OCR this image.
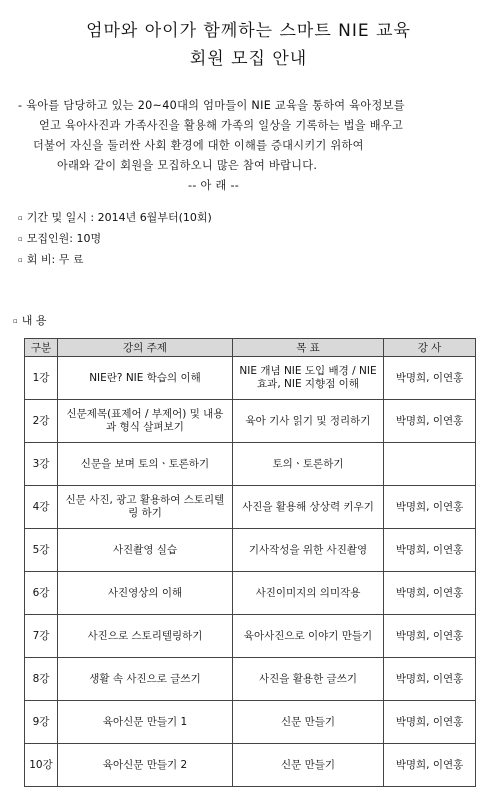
엄마와 아이가 함께하는 스마트 NIE 교육
회원 모집 안내
- 육아를 담당하고 있는 20~40대의 엄마들이 NIE 교육을 통하여 육아정보를
얻고 육아사진과 가족사진을 활용해 가족의 일상을 기록하는 법을 배우고
더불어 자신을 둘러싼 사회 환경에 대한 이해를 증대시키기 위하여
아래와 같이 회원을 모집하오니 많은 참여 바랍니다.
-- 아 래 --
▫ 기간 및 일시 : 2014년 6월부터(10회)
▫ 모집인원: 10명
▫ 회 비: 무 료
▫ 내 용
구분	강의 주제	목 표	강 사
1강	NIE란? NIE 학습의 이해	NIE 개념 NIE 도입 배경 / NIE 효과, NIE 지향점 이해	박명희, 이연홍
2강	신문제목(표제어 / 부제어) 및 내용과 형식 살펴보기	육아 기사 읽기 및 정리하기	박명희, 이연홍
3강	신문을 보며 토의ㆍ토론하기	토의ㆍ토론하기	
4강	신문 사진, 광고 활용하여 스토리텔링 하기	사진을 활용해 상상력 키우기	박명희, 이연홍
5강	사진촬영 실습	기사작성을 위한 사진촬영	박명희, 이연홍
6강	사진영상의 이해	사진이미지의 의미작용	박명희, 이연홍
7강	사진으로 스토리텔링하기	육아사진으로 이야기 만들기	박명희, 이연홍
8강	생활 속 사진으로 글쓰기	사진을 활용한 글쓰기	박명희, 이연홍
9강	육아신문 만들기 1	신문 만들기	박명희, 이연홍
10강	육아신문 만들기 2	신문 만들기	박명희, 이연홍
